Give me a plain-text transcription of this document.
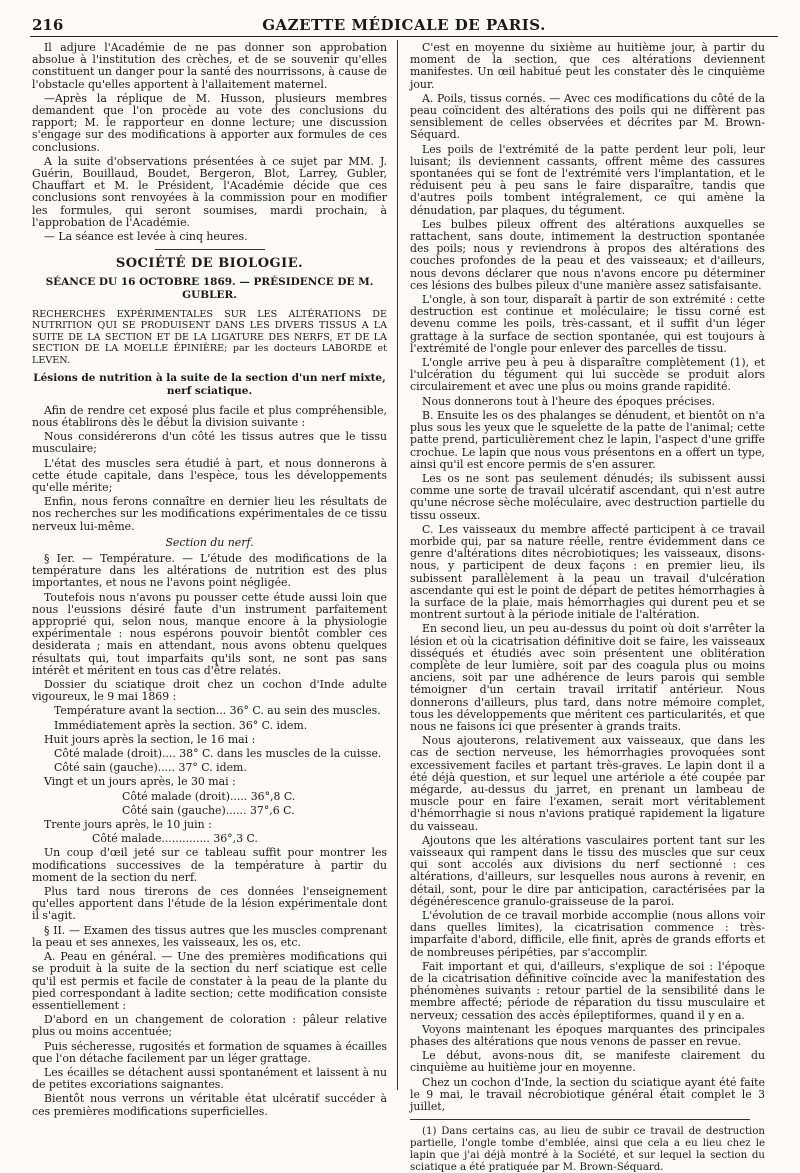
216	GAZETTE MÉDICALE DE PARIS.

Il adjure l'Académie de ne pas donner son approbation absolue à l'institution des crèches, et de se souvenir qu'elles constituent un danger pour la santé des nourrissons, à cause de l'obstacle qu'elles apportent à l'allaitement maternel.

—Après la réplique de M. Husson, plusieurs membres demandent que l'on procède au vote des conclusions du rapport; M. le rapporteur en donne lecture; une discussion s'engage sur des modifications à apporter aux formules de ces conclusions.

A la suite d'observations présentées à ce sujet par MM. J. Guérin, Bouillaud, Boudet, Bergeron, Blot, Larrey, Gubler, Chauffart et M. le Président, l'Académie décide que ces conclusions sont renvoyées à la commission pour en modifier les formules, qui seront soumises, mardi prochain, à l'approbation de l'Académie.

— La séance est levée à cinq heures.

SOCIÉTÉ DE BIOLOGIE.
SÉANCE DU 16 OCTOBRE 1869. — PRÉSIDENCE DE M. GUBLER.

RECHERCHES EXPÉRIMENTALES SUR LES ALTÉRATIONS DE NUTRITION QUI SE PRODUISENT DANS LES DIVERS TISSUS A LA SUITE DE LA SECTION ET DE LA LIGATURE DES NERFS, ET DE LA SECTION DE LA MOELLE ÉPINIÈRE; par les docteurs LABORDE et LEVEN.

Lésions de nutrition à la suite de la section d'un nerf mixte, nerf sciatique.

Afin de rendre cet exposé plus facile et plus compréhensible, nous établirons dès le début la division suivante :

Nous considérerons d'un côté les tissus autres que le tissu musculaire;

L'état des muscles sera étudié à part, et nous donnerons à cette étude capitale, dans l'espèce, tous les développements qu'elle mérite;

Enfin, nous ferons connaître en dernier lieu les résultats de nos recherches sur les modifications expérimentales de ce tissu nerveux lui-même.

Section du nerf.

§ Ier. — Température. — L'étude des modifications de la température dans les altérations de nutrition est des plus importantes, et nous ne l'avons point négligée.

Toutefois nous n'avons pu pousser cette étude aussi loin que nous l'eussions désiré faute d'un instrument parfaitement approprié qui, selon nous, manque encore à la physiologie expérimentale : nous espérons pouvoir bientôt combler ces desiderata ; mais en attendant, nous avons obtenu quelques résultats qui, tout imparfaits qu'ils sont, ne sont pas sans intérêt et méritent en tous cas d'être relatés.

Dossier du sciatique droit chez un cochon d'Inde adulte vigoureux, le 9 mai 1869 :

Température avant la section... 36° C. au sein des muscles.
Immédiatement après la section. 36° C. idem.

Huit jours après la section, le 16 mai :

Côté malade (droit).... 38° C. dans les muscles de la cuisse.
Côté sain (gauche)..... 37° C. idem.

Vingt et un jours après, le 30 mai :

Côté malade (droit)..... 36°,8 C.
Côté sain (gauche)...... 37°,6 C.

Trente jours après, le 10 juin :

Côté malade.............. 36°,3 C.

Un coup d'œil jeté sur ce tableau suffit pour montrer les modifications successives de la température à partir du moment de la section du nerf.

Plus tard nous tirerons de ces données l'enseignement qu'elles apportent dans l'étude de la lésion expérimentale dont il s'agit.

§ II. — Examen des tissus autres que les muscles comprenant la peau et ses annexes, les vaisseaux, les os, etc.

A. Peau en général. — Une des premières modifications qui se produit à la suite de la section du nerf sciatique est celle qu'il est permis et facile de constater à la peau de la plante du pied correspondant à ladite section; cette modification consiste essentiellement :

D'abord en un changement de coloration : pâleur relative plus ou moins accentuée;

Puis sécheresse, rugosités et formation de squames à écailles que l'on détache facilement par un léger grattage.

Les écailles se détachent aussi spontanément et laissent à nu de petites excoriations saignantes.

Bientôt nous verrons un véritable état ulcératif succéder à ces premières modifications superficielles.

C'est en moyenne du sixième au huitième jour, à partir du moment de la section, que ces altérations deviennent manifestes. Un œil habitué peut les constater dès le cinquième jour.

A. Poils, tissus cornés. — Avec ces modifications du côté de la peau coïncident des altérations des poils qui ne diffèrent pas sensiblement de celles observées et décrites par M. Brown-Séquard.

Les poils de l'extrémité de la patte perdent leur poli, leur luisant; ils deviennent cassants, offrent même des cassures spontanées qui se font de l'extrémité vers l'implantation, et le réduisent peu à peu sans le faire disparaître, tandis que d'autres poils tombent intégralement, ce qui amène la dénudation, par plaques, du tégument.

Les bulbes pileux offrent des altérations auxquelles se rattachent, sans doute, intimement la destruction spontanée des poils; nous y reviendrons à propos des altérations des couches profondes de la peau et des vaisseaux; et d'ailleurs, nous devons déclarer que nous n'avons encore pu déterminer ces lésions des bulbes pileux d'une manière assez satisfaisante.

L'ongle, à son tour, disparaît à partir de son extrémité : cette destruction est continue et moléculaire; le tissu corné est devenu comme les poils, très-cassant, et il suffit d'un léger grattage à la surface de section spontanée, qui est toujours à l'extrémité de l'ongle pour enlever des parcelles de tissu.

L'ongle arrive peu à peu à disparaître complètement (1), et l'ulcération du tégument qui lui succède se produit alors circulairement et avec une plus ou moins grande rapidité.

Nous donnerons tout à l'heure des époques précises.

B. Ensuite les os des phalanges se dénudent, et bientôt on n'a plus sous les yeux que le squelette de la patte de l'animal; cette patte prend, particulièrement chez le lapin, l'aspect d'une griffe crochue. Le lapin que nous vous présentons en a offert un type, ainsi qu'il est encore permis de s'en assurer.

Les os ne sont pas seulement dénudés; ils subissent aussi comme une sorte de travail ulcératif ascendant, qui n'est autre qu'une nécrose sèche moléculaire, avec destruction partielle du tissu osseux.

C. Les vaisseaux du membre affecté participent à ce travail morbide qui, par sa nature réelle, rentre évidemment dans ce genre d'altérations dites nécrobiotiques; les vaisseaux, disons-nous, y participent de deux façons : en premier lieu, ils subissent parallèlement à la peau un travail d'ulcération ascendante qui est le point de départ de petites hémorrhagies à la surface de la plaie, mais hémorrhagies qui durent peu et se montrent surtout à la période initiale de l'altération.

En second lieu, un peu au-dessus du point où doit s'arrêter la lésion et où la cicatrisation définitive doit se faire, les vaisseaux disséqués et étudiés avec soin présentent une oblitération complète de leur lumière, soit par des coagula plus ou moins anciens, soit par une adhérence de leurs parois qui semble témoigner d'un certain travail irritatif antérieur. Nous donnerons d'ailleurs, plus tard, dans notre mémoire complet, tous les développements que méritent ces particularités, et que nous ne faisons ici que présenter à grands traits.

Nous ajouterons, relativement aux vaisseaux, que dans les cas de section nerveuse, les hémorrhagies provoquées sont excessivement faciles et partant très-graves. Le lapin dont il a été déjà question, et sur lequel une artériole a été coupée par mégarde, au-dessus du jarret, en prenant un lambeau de muscle pour en faire l'examen, serait mort véritablement d'hémorrhagie si nous n'avions pratiqué rapidement la ligature du vaisseau.

Ajoutons que les altérations vasculaires portent tant sur les vaisseaux qui rampent dans le tissu des muscles que sur ceux qui sont accolés aux divisions du nerf sectionné : ces altérations, d'ailleurs, sur lesquelles nous aurons à revenir, en détail, sont, pour le dire par anticipation, caractérisées par la dégénérescence granulo-graisseuse de la paroi.

L'évolution de ce travail morbide accomplie (nous allons voir dans quelles limites), la cicatrisation commence : très-imparfaite d'abord, difficile, elle finit, après de grands efforts et de nombreuses péripéties, par s'accomplir.

Fait important et qui, d'ailleurs, s'explique de soi : l'époque de la cicatrisation définitive coïncide avec la manifestation des phénomènes suivants : retour partiel de la sensibilité dans le membre affecté; période de réparation du tissu musculaire et nerveux; cessation des accès épileptiformes, quand il y en a.

Voyons maintenant les époques marquantes des principales phases des altérations que nous venons de passer en revue.

Le début, avons-nous dit, se manifeste clairement du cinquième au huitième jour en moyenne.

Chez un cochon d'Inde, la section du sciatique ayant été faite le 9 mai, le travail nécrobiotique général était complet le 3 juillet,

(1) Dans certains cas, au lieu de subir ce travail de destruction partielle, l'ongle tombe d'emblée, ainsi que cela a eu lieu chez le lapin que j'ai déjà montré à la Société, et sur lequel la section du sciatique a été pratiquée par M. Brown-Séquard.
